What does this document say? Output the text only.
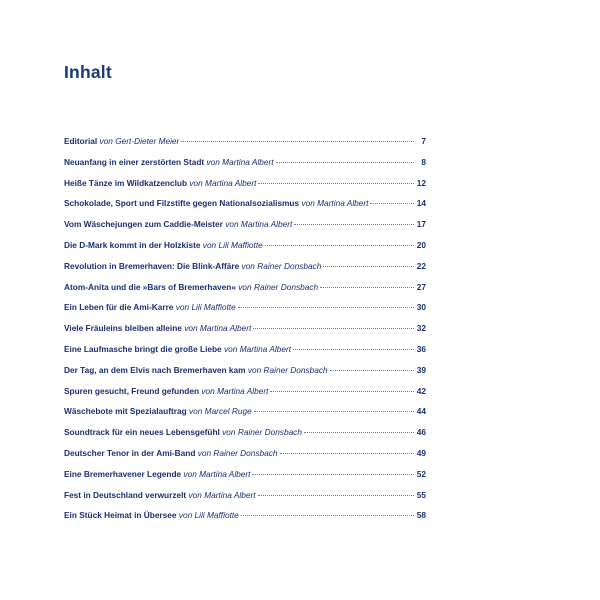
Inhalt
Editorial von Gert-Dieter Meier	7
Neuanfang in einer zerstörten Stadt von Martina Albert	8
Heiße Tänze im Wildkatzenclub von Martina Albert	12
Schokolade, Sport und Filzstifte gegen Nationalsozialismus von Martina Albert	14
Vom Wäschejungen zum Caddie-Meister von Martina Albert	17
Die D-Mark kommt in der Holzkiste von Lili Maffiotte	20
Revolution in Bremerhaven: Die Blink-Affäre von Rainer Donsbach	22
Atom-Anita und die »Bars of Bremerhaven« von Rainer Donsbach	27
Ein Leben für die Ami-Karre von Lili Maffiotte	30
Viele Fräuleins bleiben alleine von Martina Albert	32
Eine Laufmasche bringt die große Liebe von Martina Albert	36
Der Tag, an dem Elvis nach Bremerhaven kam von Rainer Donsbach	39
Spuren gesucht, Freund gefunden von Martina Albert	42
Wäschebote mit Spezialauftrag von Marcel Ruge	44
Soundtrack für ein neues Lebensgefühl von Rainer Donsbach	46
Deutscher Tenor in der Ami-Band von Rainer Donsbach	49
Eine Bremerhavener Legende von Martina Albert	52
Fest in Deutschland verwurzelt von Martina Albert	55
Ein Stück Heimat in Übersee von Lili Maffiotte	58
